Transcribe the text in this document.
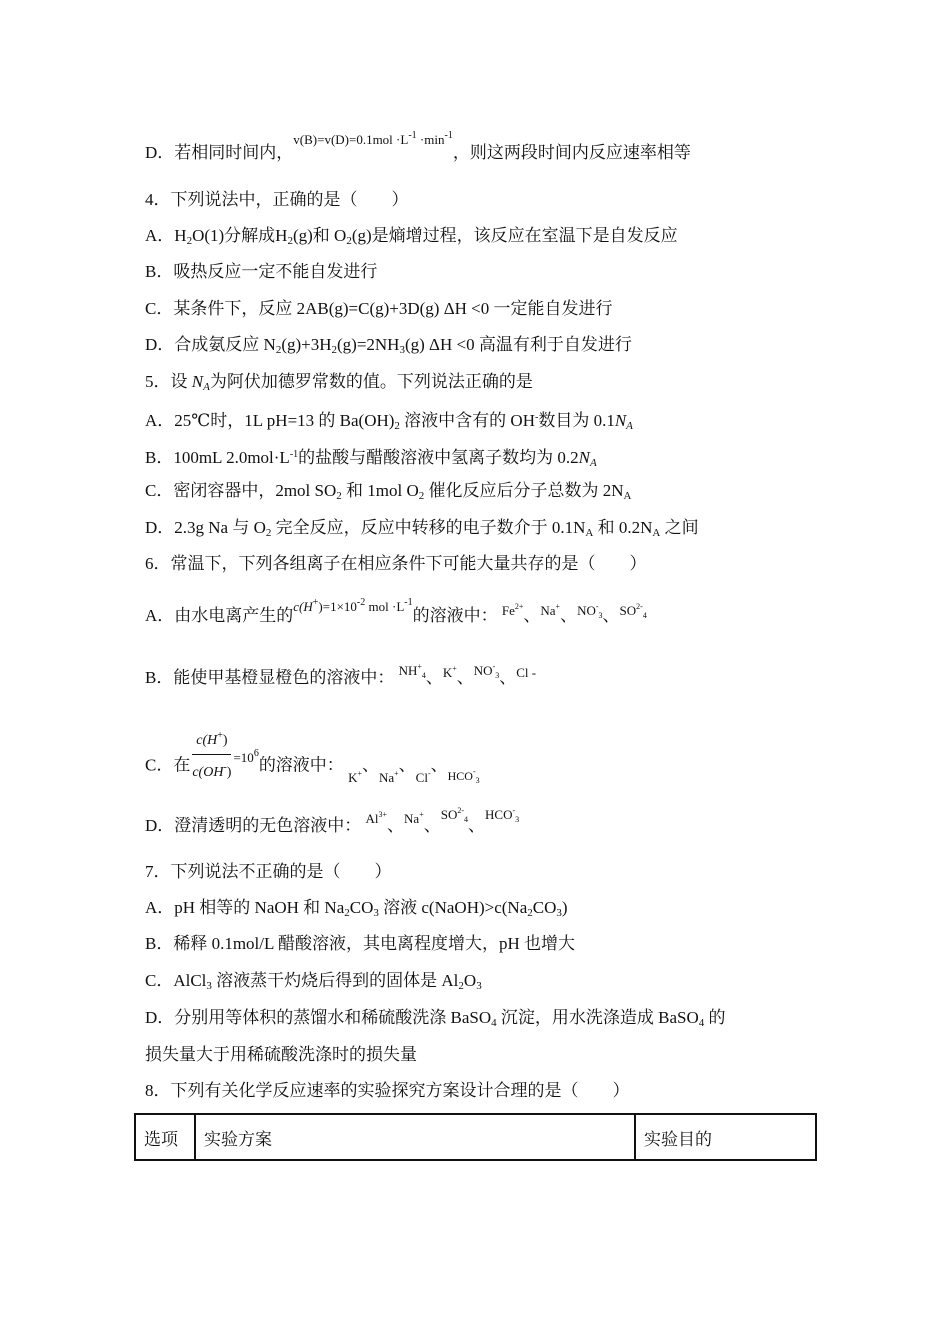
D．若相同时间内，$^{v(B)=v(D)=0.1mol \cdot L^{-1} \cdot min^{-1}}$，则这两段时间内反应速率相等
4．下列说法中，正确的是（　　）
A．$H_2O(1)$分解成$H_2(g)$和 $O_2(g)$是熵增过程，该反应在室温下是自发反应
B．吸热反应一定不能自发进行
C．某条件下，反应 2AB(g)=C(g)+3D(g) ΔH <0 一定能自发进行
D．合成氨反应 $N_2(g)+3H_2(g)=2NH_3(g)$ ΔH <0 高温有利于自发进行
5．设 $N_A$为阿伏加德罗常数的值。下列说法正确的是
A．25℃时，1L pH=13 的 $Ba(OH)_2$ 溶液中含有的 OH-数目为 $0.1N_A$
B．100mL $2.0mol\cdot L^{-1}$的盐酸与醋酸溶液中氢离子数均为 $0.2N_A$
C．密闭容器中，2mol $SO_2$ 和 1mol $O_2$ 催化反应后分子总数为 $2N_A$
D．2.3g Na 与 $O_2$ 完全反应，反应中转移的电子数介于 $0.1N_A$ 和 $0.2N_A$ 之间
6．常温下，下列各组离子在相应条件下可能大量共存的是（　　）
A．由水电离产生的$^{c(H^+)=1\times 10^{-2} mol \cdot L^{-1}}$的溶液中： $Fe^{2+}$、Na+、$NO^-_3$、$SO^{2-}_4$
B．能使甲基橙显橙色的溶液中： $NH^+_4$、K+、$NO^-_3$、Cl -
C．在 $\frac{c(H^+)}{c(OH^-)} ^{=10^6}$的溶液中： K+、Na+、Cl-、$HCO^-_3$
D．澄清透明的无色溶液中： $Al^{3+}$、Na+、$SO^{2-}_4$、$HCO^-_3$
7．下列说法不正确的是（　　）
A．pH 相等的 NaOH 和 $Na_2CO_3$ 溶液 $c(NaOH)>c(Na_2CO_3)$
B．稀释 0.1mol/L 醋酸溶液，其电离程度增大，pH 也增大
C．AlCl$_3$ 溶液蒸干灼烧后得到的固体是 $Al_2O_3$
D．分别用等体积的蒸馏水和稀硫酸洗涤 BaSO$_4$ 沉淀，用水洗涤造成 BaSO$_4$ 的
损失量大于用稀硫酸洗涤时的损失量
8．下列有关化学反应速率的实验探究方案设计合理的是（　　）
选项	实验方案	实验目的
